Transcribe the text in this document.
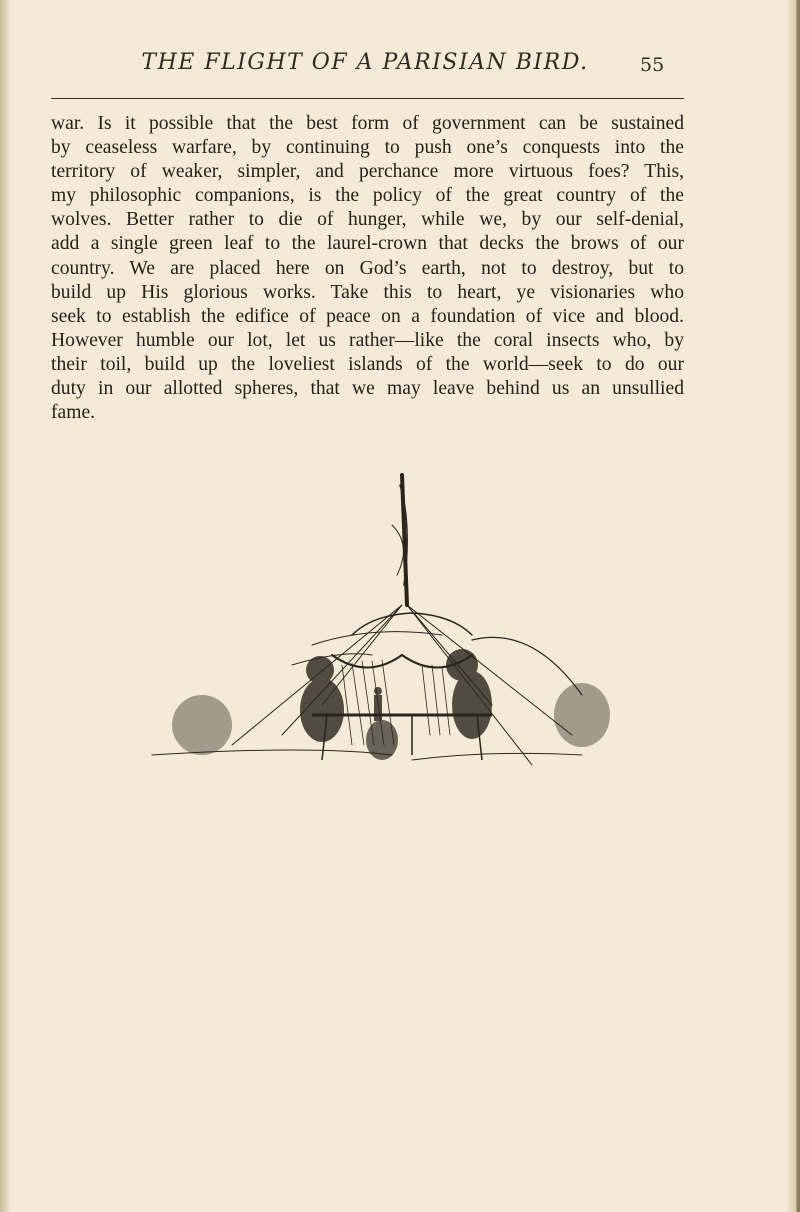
THE FLIGHT OF A PARISIAN BIRD.	55
war. Is it possible that the best form of government can be sustained
by ceaseless warfare, by continuing to push one’s conquests into the
territory of weaker, simpler, and perchance more virtuous foes? This,
my philosophic companions, is the policy of the great country of the
wolves. Better rather to die of hunger, while we, by our self-denial,
add a single green leaf to the laurel-crown that decks the brows of our
country. We are placed here on God’s earth, not to destroy, but to
build up His glorious works. Take this to heart, ye visionaries who
seek to establish the edifice of peace on a foundation of vice and blood.
However humble our lot, let us rather—like the coral insects who, by
their toil, build up the loveliest islands of the world—seek to do our
duty in our allotted spheres, that we may leave behind us an unsullied
fame.
